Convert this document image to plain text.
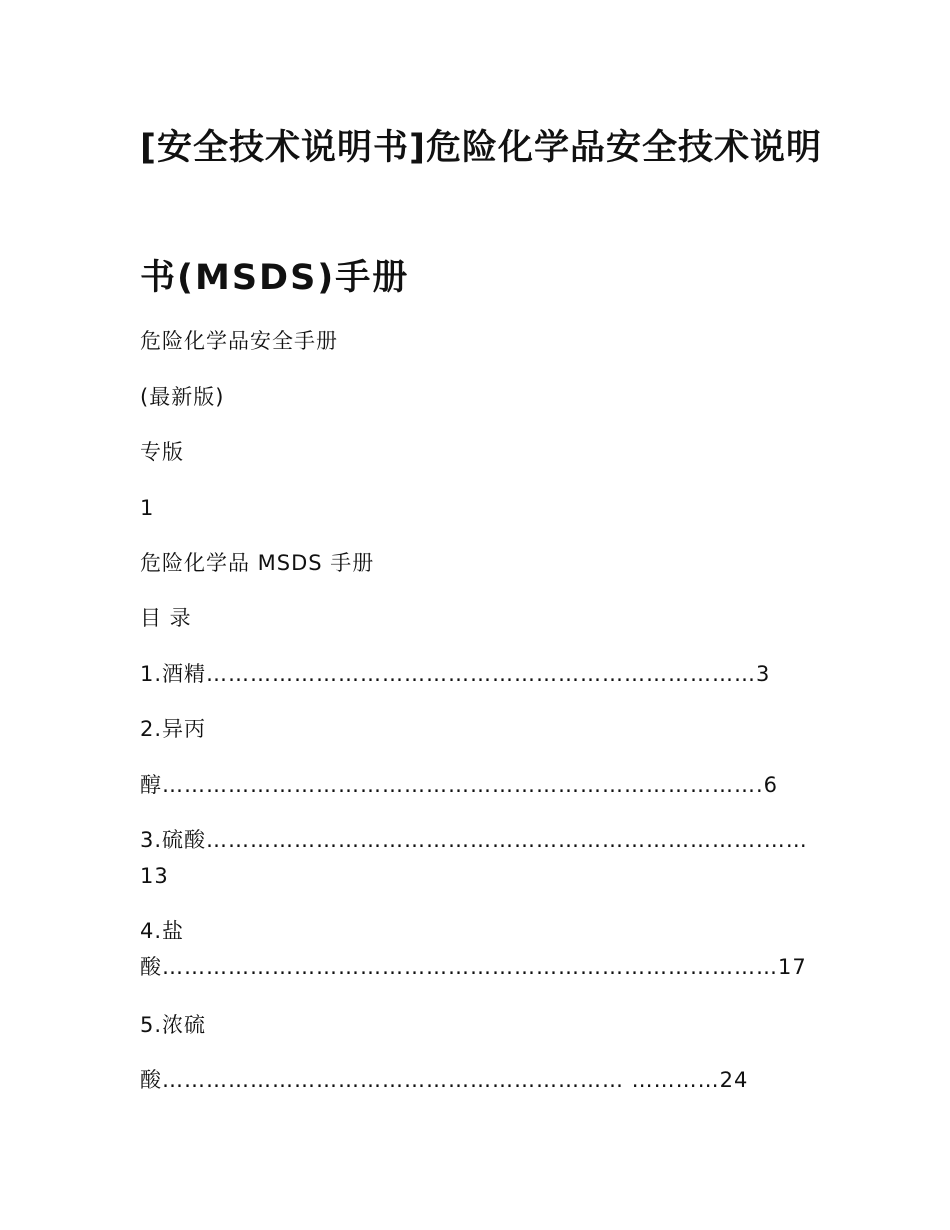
[安全技术说明书]危险化学品安全技术说明
书(MSDS)手册
危险化学品安全手册
(最新版)
专版
1
危险化学品 MSDS 手册
目 录
1.酒精…………………………………………………………………3
2.异丙
醇……………………………………………………………………….6
3.硫酸………………………………………………………………….……13
4.盐酸…………………………………………………………………………17
5.浓硫
酸……………………………………………………… …………24
